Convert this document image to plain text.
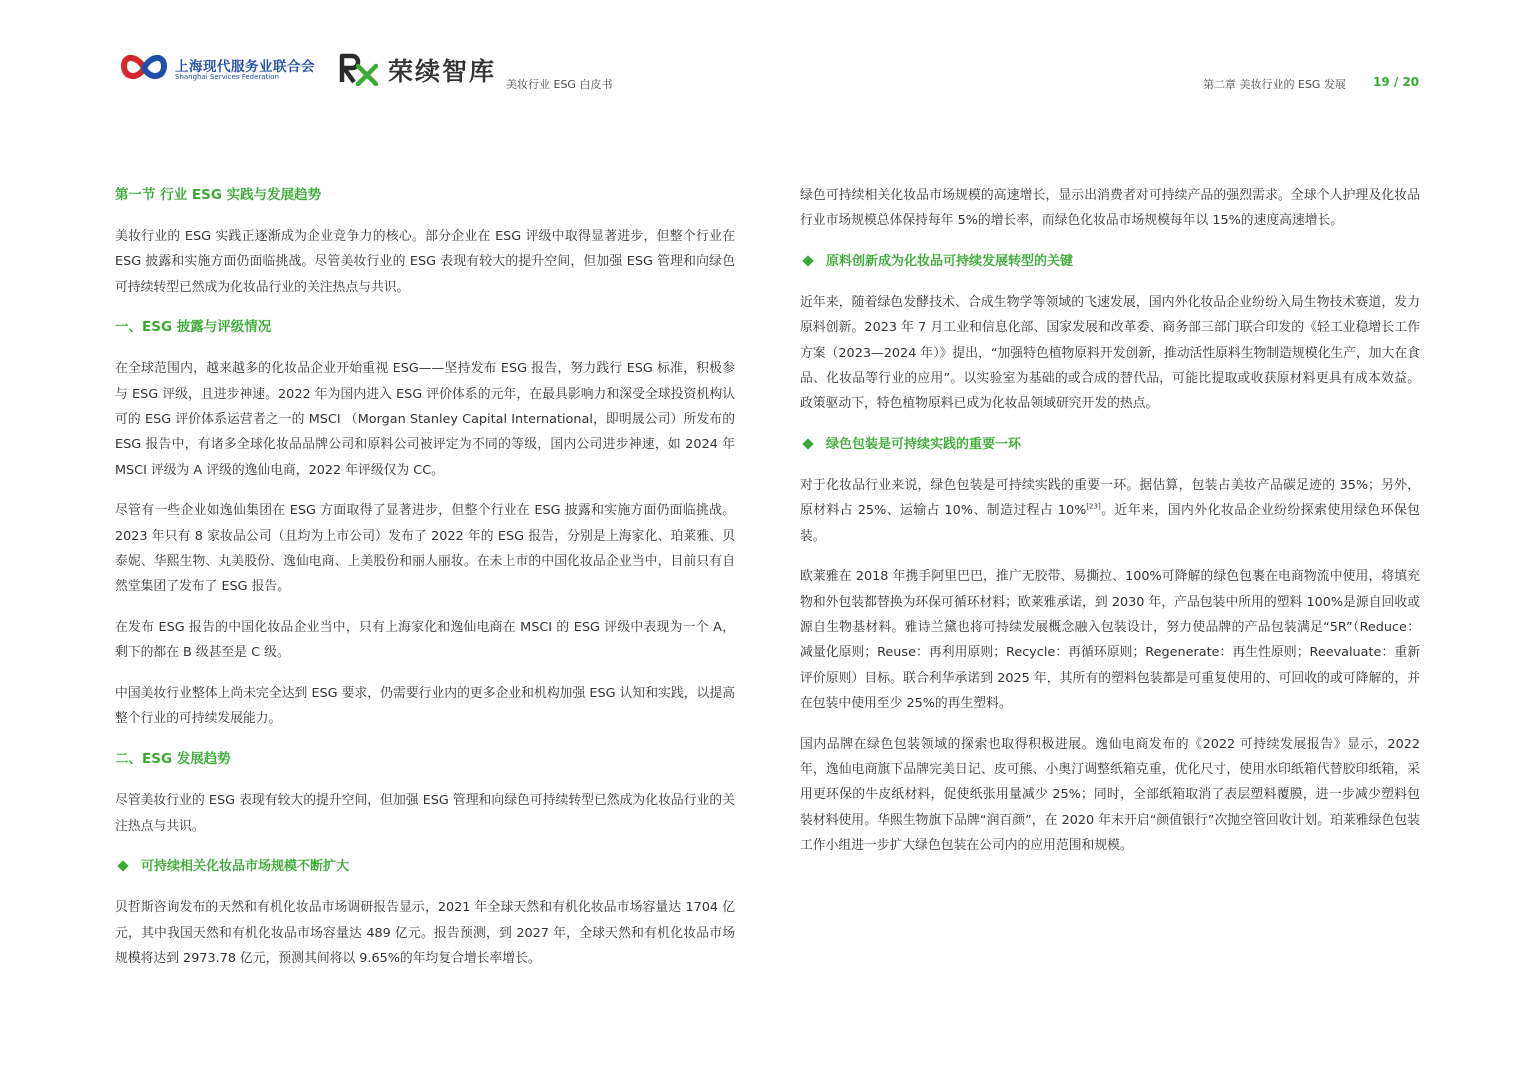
上海现代服务业联合会
Shanghai Services Federation	荣续智库 美妆行业 ESG 白皮书	第二章 美妆行业的 ESG 发展 19 / 20
第一节 行业 ESG 实践与发展趋势

美妆行业的 ESG 实践正逐渐成为企业竞争力的核心。部分企业在 ESG 评级中取得显著进步，但整个行业在 ESG 披露和实施方面仍面临挑战。尽管美妆行业的 ESG 表现有较大的提升空间，但加强 ESG 管理和向绿色可持续转型已然成为化妆品行业的关注热点与共识。

一、ESG 披露与评级情况

在全球范围内，越来越多的化妆品企业开始重视 ESG——坚持发布 ESG 报告，努力践行 ESG 标准，积极参与 ESG 评级，且进步神速。2022 年为国内进入 ESG 评价体系的元年，在最具影响力和深受全球投资机构认可的 ESG 评价体系运营者之一的 MSCI （Morgan Stanley Capital International，即明晟公司）所发布的 ESG 报告中，有诸多全球化妆品品牌公司和原料公司被评定为不同的等级，国内公司进步神速，如 2024 年 MSCI 评级为 A 评级的逸仙电商，2022 年评级仅为 CC。

尽管有一些企业如逸仙集团在 ESG 方面取得了显著进步，但整个行业在 ESG 披露和实施方面仍面临挑战。2023 年只有 8 家妆品公司（且均为上市公司）发布了 2022 年的 ESG 报告，分别是上海家化、珀莱雅、贝泰妮、华熙生物、丸美股份、逸仙电商、上美股份和丽人丽妆。在未上市的中国化妆品企业当中，目前只有自然堂集团了发布了 ESG 报告。

在发布 ESG 报告的中国化妆品企业当中，只有上海家化和逸仙电商在 MSCI 的 ESG 评级中表现为一个 A，剩下的都在 B 级甚至是 C 级。

中国美妆行业整体上尚未完全达到 ESG 要求，仍需要行业内的更多企业和机构加强 ESG 认知和实践，以提高整个行业的可持续发展能力。

二、ESG 发展趋势

尽管美妆行业的 ESG 表现有较大的提升空间，但加强 ESG 管理和向绿色可持续转型已然成为化妆品行业的关注热点与共识。

可持续相关化妆品市场规模不断扩大

贝哲斯咨询发布的天然和有机化妆品市场调研报告显示，2021 年全球天然和有机化妆品市场容量达 1704 亿元，其中我国天然和有机化妆品市场容量达 489 亿元。报告预测，到 2027 年，全球天然和有机化妆品市场规模将达到 2973.78 亿元，预测其间将以 9.65%的年均复合增长率增长。

绿色可持续相关化妆品市场规模的高速增长，显示出消费者对可持续产品的强烈需求。全球个人护理及化妆品行业市场规模总体保持每年 5%的增长率，而绿色化妆品市场规模每年以 15%的速度高速增长。

原料创新成为化妆品可持续发展转型的关键

近年来，随着绿色发酵技术、合成生物学等领域的飞速发展，国内外化妆品企业纷纷入局生物技术赛道，发力原料创新。2023 年 7 月工业和信息化部、国家发展和改革委、商务部三部门联合印发的《轻工业稳增长工作方案（2023—2024 年）》提出，“加强特色植物原料开发创新，推动活性原料生物制造规模化生产，加大在食品、化妆品等行业的应用”。以实验室为基础的或合成的替代品，可能比提取或收获原材料更具有成本效益。政策驱动下，特色植物原料已成为化妆品领域研究开发的热点。

绿色包装是可持续实践的重要一环

对于化妆品行业来说，绿色包装是可持续实践的重要一环。据估算，包装占美妆产品碳足迹的 35%；另外，原材料占 25%、运输占 10%、制造过程占 10%[23]。近年来，国内外化妆品企业纷纷探索使用绿色环保包装。

欧莱雅在 2018 年携手阿里巴巴，推广无胶带、易撕拉、100%可降解的绿色包裹在电商物流中使用，将填充物和外包装都替换为环保可循环材料；欧莱雅承诺，到 2030 年，产品包装中所用的塑料 100%是源自回收或源自生物基材料。雅诗兰黛也将可持续发展概念融入包装设计，努力使品牌的产品包装满足“5R”（Reduce：减量化原则；Reuse：再利用原则；Recycle：再循环原则；Regenerate：再生性原则；Reevaluate：重新评价原则）目标。联合利华承诺到 2025 年，其所有的塑料包装都是可重复使用的、可回收的或可降解的，并在包装中使用至少 25%的再生塑料。

国内品牌在绿色包装领域的探索也取得积极进展。逸仙电商发布的《2022 可持续发展报告》显示，2022 年，逸仙电商旗下品牌完美日记、皮可熊、小奥汀调整纸箱克重，优化尺寸，使用水印纸箱代替胶印纸箱，采用更环保的牛皮纸材料，促使纸张用量减少 25%；同时，全部纸箱取消了表层塑料覆膜，进一步减少塑料包装材料使用。华熙生物旗下品牌“润百颜”，在 2020 年末开启“颜值银行”次抛空管回收计划。珀莱雅绿色包装工作小组进一步扩大绿色包装在公司内的应用范围和规模。
